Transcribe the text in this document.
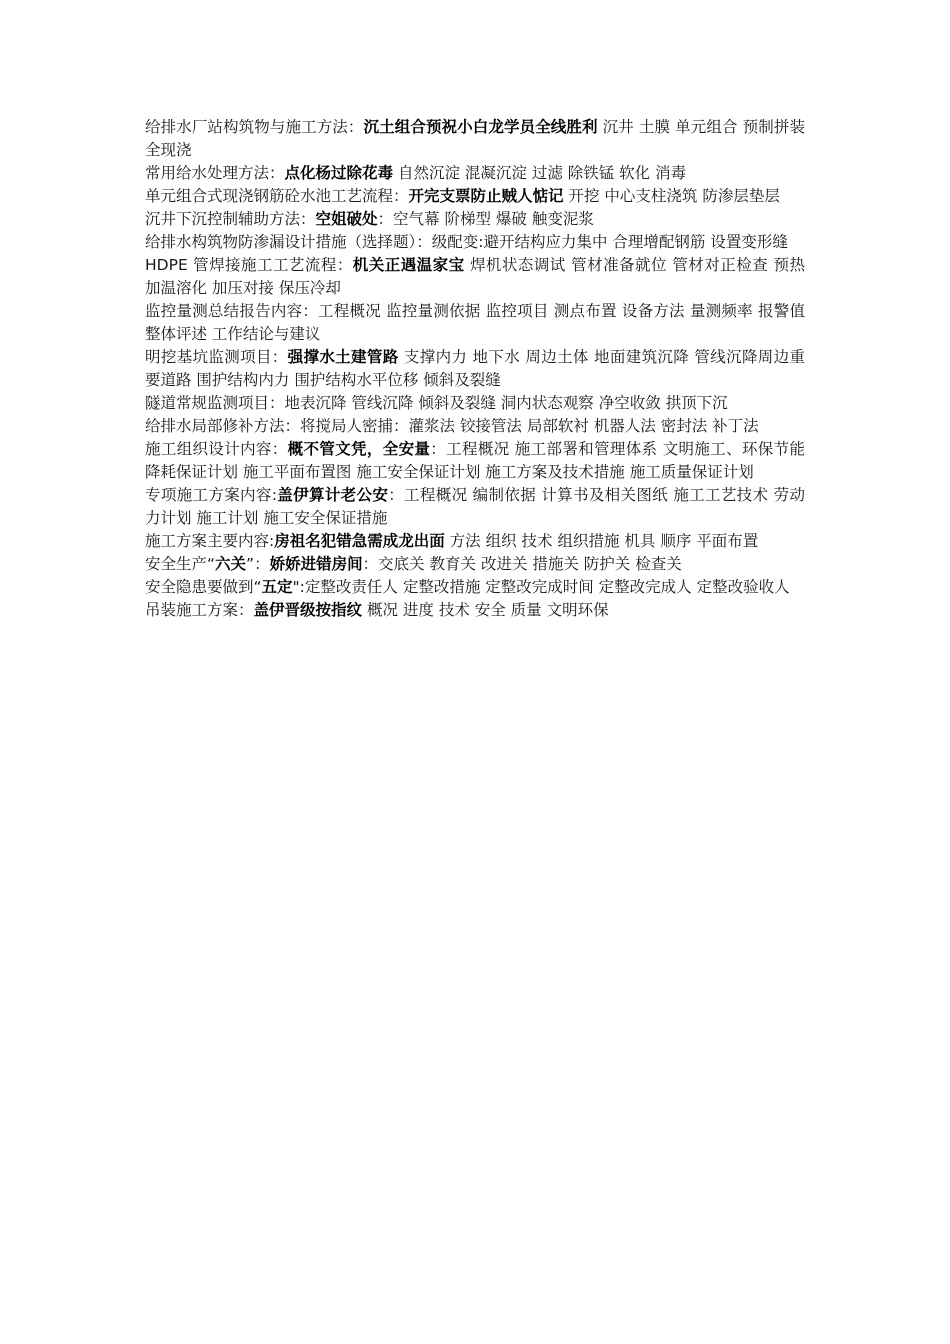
给排水厂站构筑物与施工方法：沉土组合预祝小白龙学员全线胜利 沉井 土膜 单元组合 预制拼装 全现浇

常用给水处理方法：点化杨过除花毒 自然沉淀 混凝沉淀 过滤 除铁锰 软化 消毒

单元组合式现浇钢筋砼水池工艺流程：开完支票防止贼人惦记 开挖 中心支柱浇筑 防渗层垫层

沉井下沉控制辅助方法：空姐破处：空气幕 阶梯型 爆破 触变泥浆

给排水构筑物防渗漏设计措施（选择题）：级配变:避开结构应力集中 合理增配钢筋 设置变形缝

HDPE 管焊接施工工艺流程：机关正遇温家宝 焊机状态调试 管材准备就位 管材对正检查 预热 加温溶化 加压对接 保压冷却

监控量测总结报告内容：工程概况 监控量测依据 监控项目 测点布置 设备方法 量测频率 报警值 整体评述 工作结论与建议

明挖基坑监测项目：强撑水土建管路 支撑内力 地下水 周边土体 地面建筑沉降 管线沉降周边重要道路 围护结构内力 围护结构水平位移 倾斜及裂缝

隧道常规监测项目：地表沉降 管线沉降 倾斜及裂缝 洞内状态观察 净空收敛 拱顶下沉

给排水局部修补方法：将搅局人密捕：灌浆法 铰接管法 局部软衬 机器人法 密封法 补丁法

施工组织设计内容：概不管文凭，全安量：工程概况 施工部署和管理体系 文明施工、环保节能降耗保证计划 施工平面布置图 施工安全保证计划 施工方案及技术措施 施工质量保证计划

专项施工方案内容:盖伊算计老公安：工程概况 编制依据 计算书及相关图纸 施工工艺技术 劳动力计划 施工计划 施工安全保证措施

施工方案主要内容:房祖名犯错急需成龙出面 方法 组织 技术 组织措施 机具 顺序 平面布置

安全生产“六关”：娇娇进错房间：交底关 教育关 改进关 措施关 防护关 检查关

安全隐患要做到“五定":定整改责任人 定整改措施 定整改完成时间 定整改完成人 定整改验收人

吊装施工方案：盖伊晋级按指纹 概况 进度 技术 安全 质量 文明环保
